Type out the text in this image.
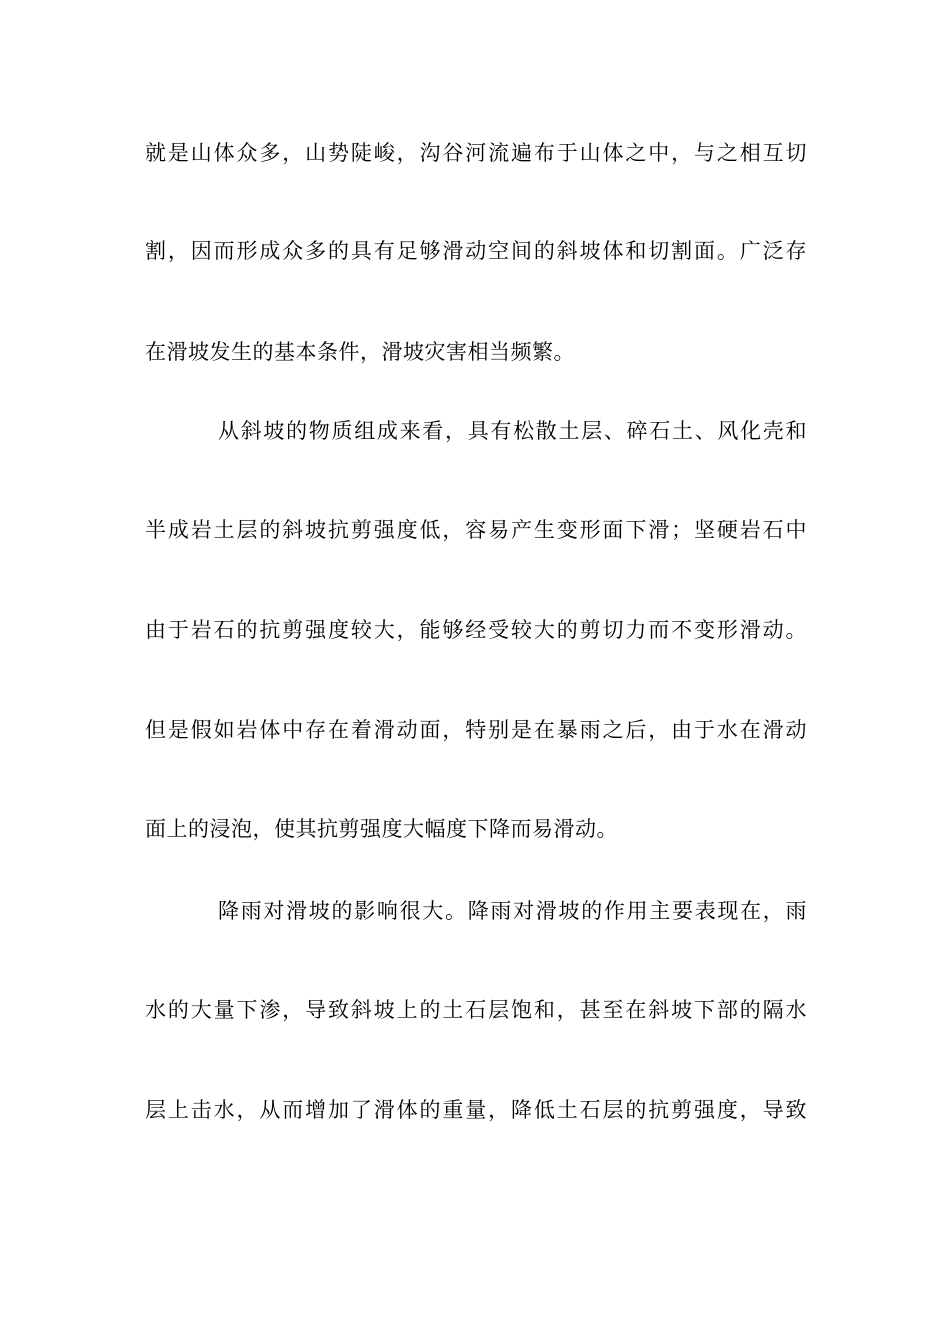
就是山体众多，山势陡峻，沟谷河流遍布于山体之中，与之相互切
割，因而形成众多的具有足够滑动空间的斜坡体和切割面。广泛存
在滑坡发生的基本条件，滑坡灾害相当频繁。
从斜坡的物质组成来看，具有松散土层、碎石土、风化壳和
半成岩土层的斜坡抗剪强度低，容易产生变形面下滑；坚硬岩石中
由于岩石的抗剪强度较大，能够经受较大的剪切力而不变形滑动。
但是假如岩体中存在着滑动面，特别是在暴雨之后，由于水在滑动
面上的浸泡，使其抗剪强度大幅度下降而易滑动。
降雨对滑坡的影响很大。降雨对滑坡的作用主要表现在，雨
水的大量下渗，导致斜坡上的土石层饱和，甚至在斜坡下部的隔水
层上击水，从而增加了滑体的重量，降低土石层的抗剪强度，导致
